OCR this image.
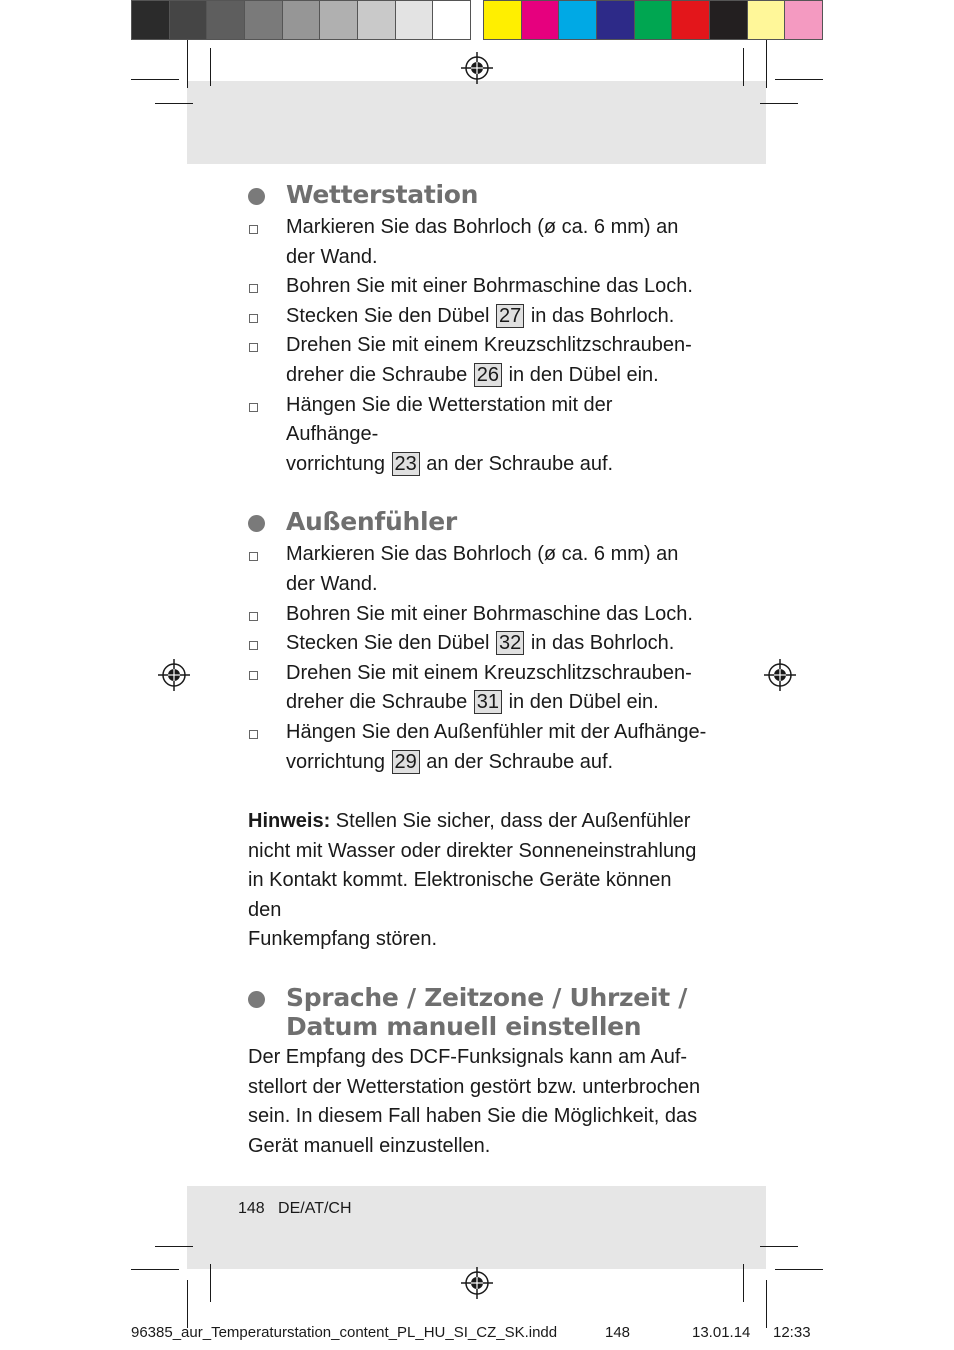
Wetterstation
Markieren Sie das Bohrloch (ø ca. 6 mm) an
der Wand.
Bohren Sie mit einer Bohrmaschine das Loch.
Stecken Sie den Dübel 27 in das Bohrloch.
Drehen Sie mit einem Kreuzschlitzschrauben-
dreher die Schraube 26 in den Dübel ein.
Hängen Sie die Wetterstation mit der Aufhänge-
vorrichtung 23 an der Schraube auf.
Außenfühler
Markieren Sie das Bohrloch (ø ca. 6 mm) an
der Wand.
Bohren Sie mit einer Bohrmaschine das Loch.
Stecken Sie den Dübel 32 in das Bohrloch.
Drehen Sie mit einem Kreuzschlitzschrauben-
dreher die Schraube 31 in den Dübel ein.
Hängen Sie den Außenfühler mit der Aufhänge-
vorrichtung 29 an der Schraube auf.

Hinweis: Stellen Sie sicher, dass der Außenfühler
nicht mit Wasser oder direkter Sonneneinstrahlung
in Kontakt kommt. Elektronische Geräte können den
Funkempfang stören.

Sprache / Zeitzone / Uhrzeit /
Datum manuell einstellen

Der Empfang des DCF-Funksignals kann am Auf-
stellort der Wetterstation gestört bzw. unterbrochen
sein. In diesem Fall haben Sie die Möglichkeit, das
Gerät manuell einzustellen.

148 DE/AT/CH
96385_aur_Temperaturstation_content_PL_HU_SI_CZ_SK.indd	148	13.01.14 12:33
